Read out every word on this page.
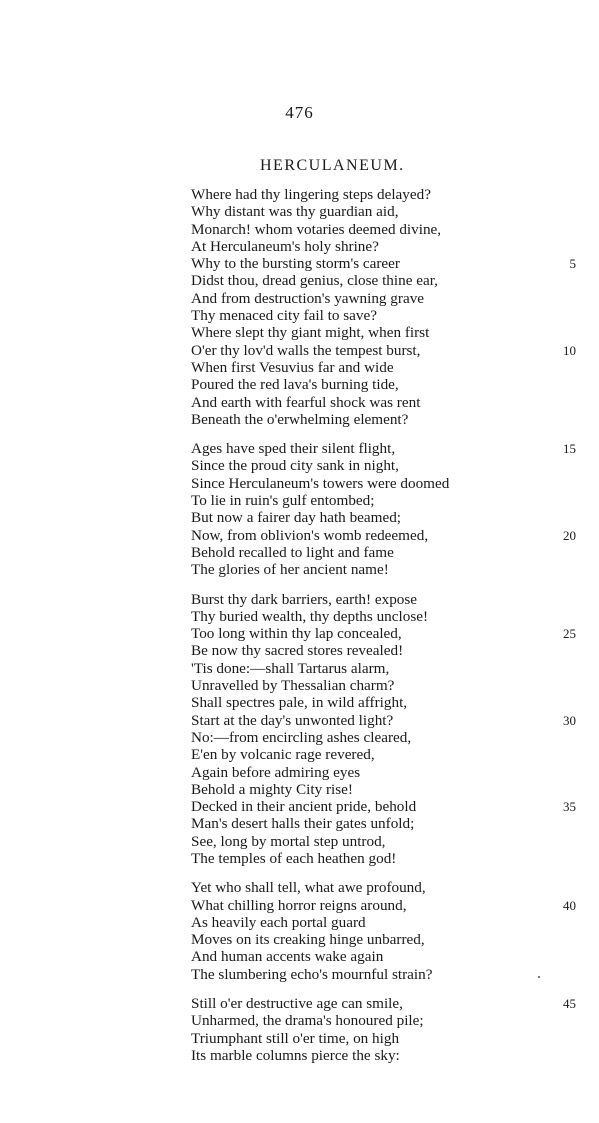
476
HERCULANEUM.
Where had thy lingering steps delayed?
Why distant was thy guardian aid,
Monarch! whom votaries deemed divine,
At Herculaneum's holy shrine?
Why to the bursting storm's career	5
Didst thou, dread genius, close thine ear,
And from destruction's yawning grave
Thy menaced city fail to save?
Where slept thy giant might, when first
O'er thy lov'd walls the tempest burst,	10
When first Vesuvius far and wide
Poured the red lava's burning tide,
And earth with fearful shock was rent
Beneath the o'erwhelming element?
Ages have sped their silent flight,	15
Since the proud city sank in night,
Since Herculaneum's towers were doomed
To lie in ruin's gulf entombed;
But now a fairer day hath beamed;
Now, from oblivion's womb redeemed,	20
Behold recalled to light and fame
The glories of her ancient name!
Burst thy dark barriers, earth! expose
Thy buried wealth, thy depths unclose!
Too long within thy lap concealed,	25
Be now thy sacred stores revealed!
'Tis done:—shall Tartarus alarm,
Unravelled by Thessalian charm?
Shall spectres pale, in wild affright,
Start at the day's unwonted light?	30
No:—from encircling ashes cleared,
E'en by volcanic rage revered,
Again before admiring eyes
Behold a mighty City rise!
Decked in their ancient pride, behold	35
Man's desert halls their gates unfold;
See, long by mortal step untrod,
The temples of each heathen god!
Yet who shall tell, what awe profound,
What chilling horror reigns around,	40
As heavily each portal guard
Moves on its creaking hinge unbarred,
And human accents wake again
The slumbering echo's mournful strain?
Still o'er destructive age can smile,	45
Unharmed, the drama's honoured pile;
Triumphant still o'er time, on high
Its marble columns pierce the sky:
